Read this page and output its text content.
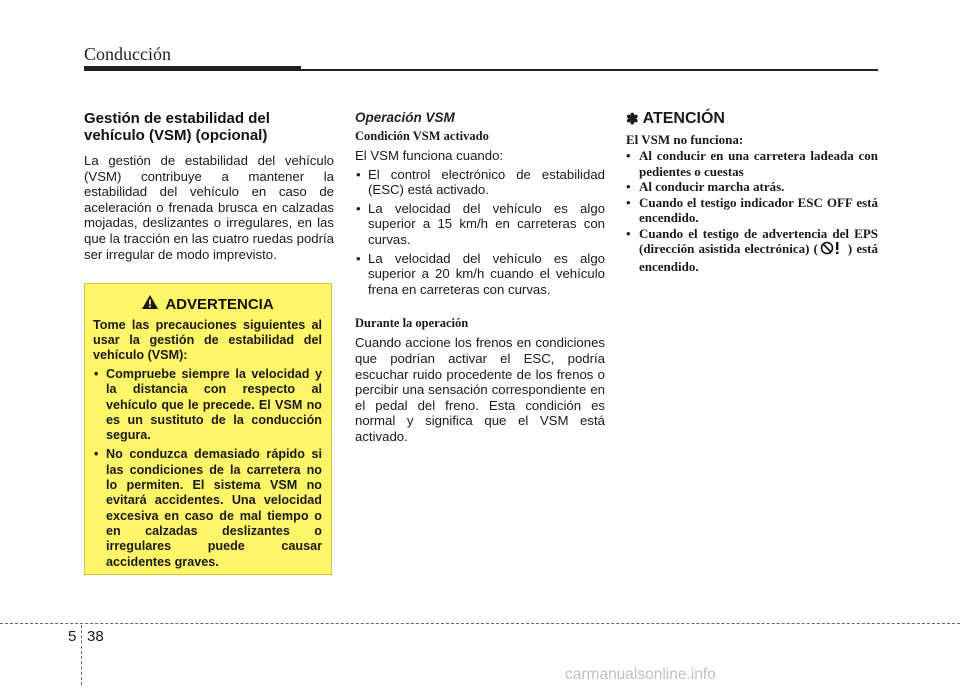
Conducción

Gestión de estabilidad del vehículo (VSM) (opcional)

La gestión de estabilidad del vehículo (VSM) contribuye a mantener la estabilidad del vehículo en caso de aceleración o frenada brusca en calzadas mojadas, deslizantes o irregulares, en las que la tracción en las cuatro ruedas podría ser irregular de modo imprevisto.

ADVERTENCIA

Tome las precauciones siguientes al usar la gestión de estabilidad del vehículo (VSM):

• Compruebe siempre la velocidad y la distancia con respecto al vehículo que le precede. El VSM no es un sustituto de la conducción segura.
• No conduzca demasiado rápido si las condiciones de la carretera no lo permiten. El sistema VSM no evitará accidentes. Una velocidad excesiva en caso de mal tiempo o en calzadas deslizantes o irregulares puede causar accidentes graves.

Operación VSM

Condición VSM activado

El VSM funciona cuando:

• El control electrónico de estabilidad (ESC) está activado.
• La velocidad del vehículo es algo superior a 15 km/h en carreteras con curvas.
• La velocidad del vehículo es algo superior a 20 km/h cuando el vehículo frena en carreteras con curvas.

Durante la operación

Cuando accione los frenos en condiciones que podrían activar el ESC, podría escuchar ruido procedente de los frenos o percibir una sensación correspondiente en el pedal del freno. Esta condición es normal y significa que el VSM está activado.

✽ ATENCIÓN

El VSM no funciona:

• Al conducir en una carretera ladeada con pedientes o cuestas
• Al conducir marcha atrás.
• Cuando el testigo indicador ESC OFF está encendido.
• Cuando el testigo de advertencia del EPS (dirección asistida electrónica) ( ) está encendido.
5 38
carmanualsonline.info
